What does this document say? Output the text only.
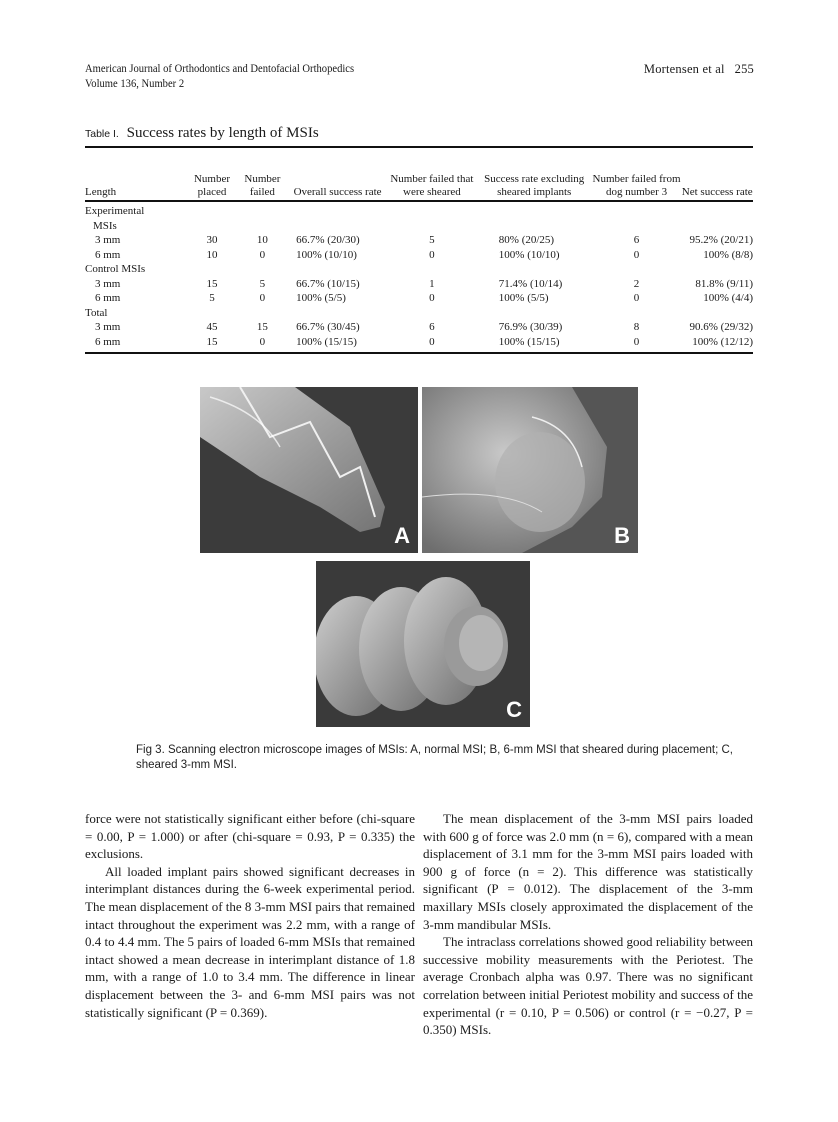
American Journal of Orthodontics and Dentofacial Orthopedics
Volume 136, Number 2
Mortensen et al 255
Table I. Success rates by length of MSIs
Length	Number placed	Number failed	Overall success rate	Number failed that were sheared	Success rate excluding sheared implants	Number failed from dog number 3	Net success rate
Experimental							
MSIs							
3 mm	30	10	66.7% (20/30)	5	80% (20/25)	6	95.2% (20/21)
6 mm	10	0	100% (10/10)	0	100% (10/10)	0	100% (8/8)
Control MSIs							
3 mm	15	5	66.7% (10/15)	1	71.4% (10/14)	2	81.8% (9/11)
6 mm	5	0	100% (5/5)	0	100% (5/5)	0	100% (4/4)
Total							
3 mm	45	15	66.7% (30/45)	6	76.9% (30/39)	8	90.6% (29/32)
6 mm	15	0	100% (15/15)	0	100% (15/15)	0	100% (12/12)
A	B
C
Fig 3. Scanning electron microscope images of MSIs: A, normal MSI; B, 6-mm MSI that sheared during placement; C, sheared 3-mm MSI.

force were not statistically significant either before (chi-square = 0.00, P = 1.000) or after (chi-square = 0.93, P = 0.335) the exclusions.

All loaded implant pairs showed significant decreases in interimplant distances during the 6-week experimental period. The mean displacement of the 8 3-mm MSI pairs that remained intact throughout the experiment was 2.2 mm, with a range of 0.4 to 4.4 mm. The 5 pairs of loaded 6-mm MSIs that remained intact showed a mean decrease in interimplant distance of 1.8 mm, with a range of 1.0 to 3.4 mm. The difference in linear displacement between the 3- and 6-mm MSI pairs was not statistically significant (P = 0.369).

The mean displacement of the 3-mm MSI pairs loaded with 600 g of force was 2.0 mm (n = 6), compared with a mean displacement of 3.1 mm for the 3-mm MSI pairs loaded with 900 g of force (n = 2). This difference was statistically significant (P = 0.012). The displacement of the 3-mm maxillary MSIs closely approximated the displacement of the 3-mm mandibular MSIs.

The intraclass correlations showed good reliability between successive mobility measurements with the Periotest. The average Cronbach alpha was 0.97. There was no significant correlation between initial Periotest mobility and success of the experimental (r = 0.10, P = 0.506) or control (r = −0.27, P = 0.350) MSIs.
